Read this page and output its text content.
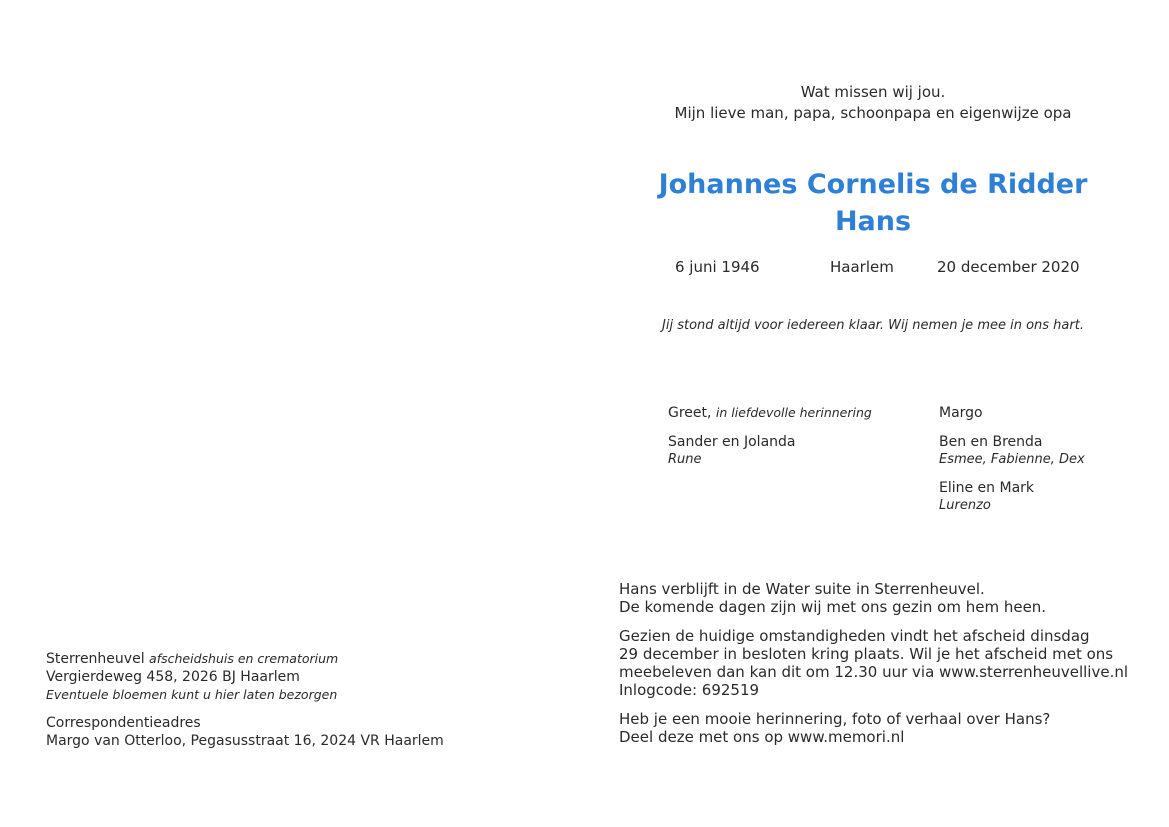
Wat missen wij jou.
Mijn lieve man, papa, schoonpapa en eigenwijze opa
Johannes Cornelis de Ridder
Hans
6 juni 1946	Haarlem	20 december 2020
Jij stond altijd voor iedereen klaar. Wij nemen je mee in ons hart.
Greet, in liefdevolle herinnering
Sander en Jolanda
Rune
Margo
Ben en Brenda
Esmee, Fabienne, Dex
Eline en Mark
Lurenzo
Hans verblijft in de Water suite in Sterrenheuvel.
De komende dagen zijn wij met ons gezin om hem heen.
Gezien de huidige omstandigheden vindt het afscheid dinsdag
29 december in besloten kring plaats. Wil je het afscheid met ons
meebeleven dan kan dit om 12.30 uur via www.sterrenheuvellive.nl
Inlogcode: 692519
Heb je een mooie herinnering, foto of verhaal over Hans?
Deel deze met ons op www.memori.nl
Sterrenheuvel afscheidshuis en crematorium
Vergierdeweg 458, 2026 BJ Haarlem
Eventuele bloemen kunt u hier laten bezorgen
Correspondentieadres
Margo van Otterloo, Pegasusstraat 16, 2024 VR Haarlem
